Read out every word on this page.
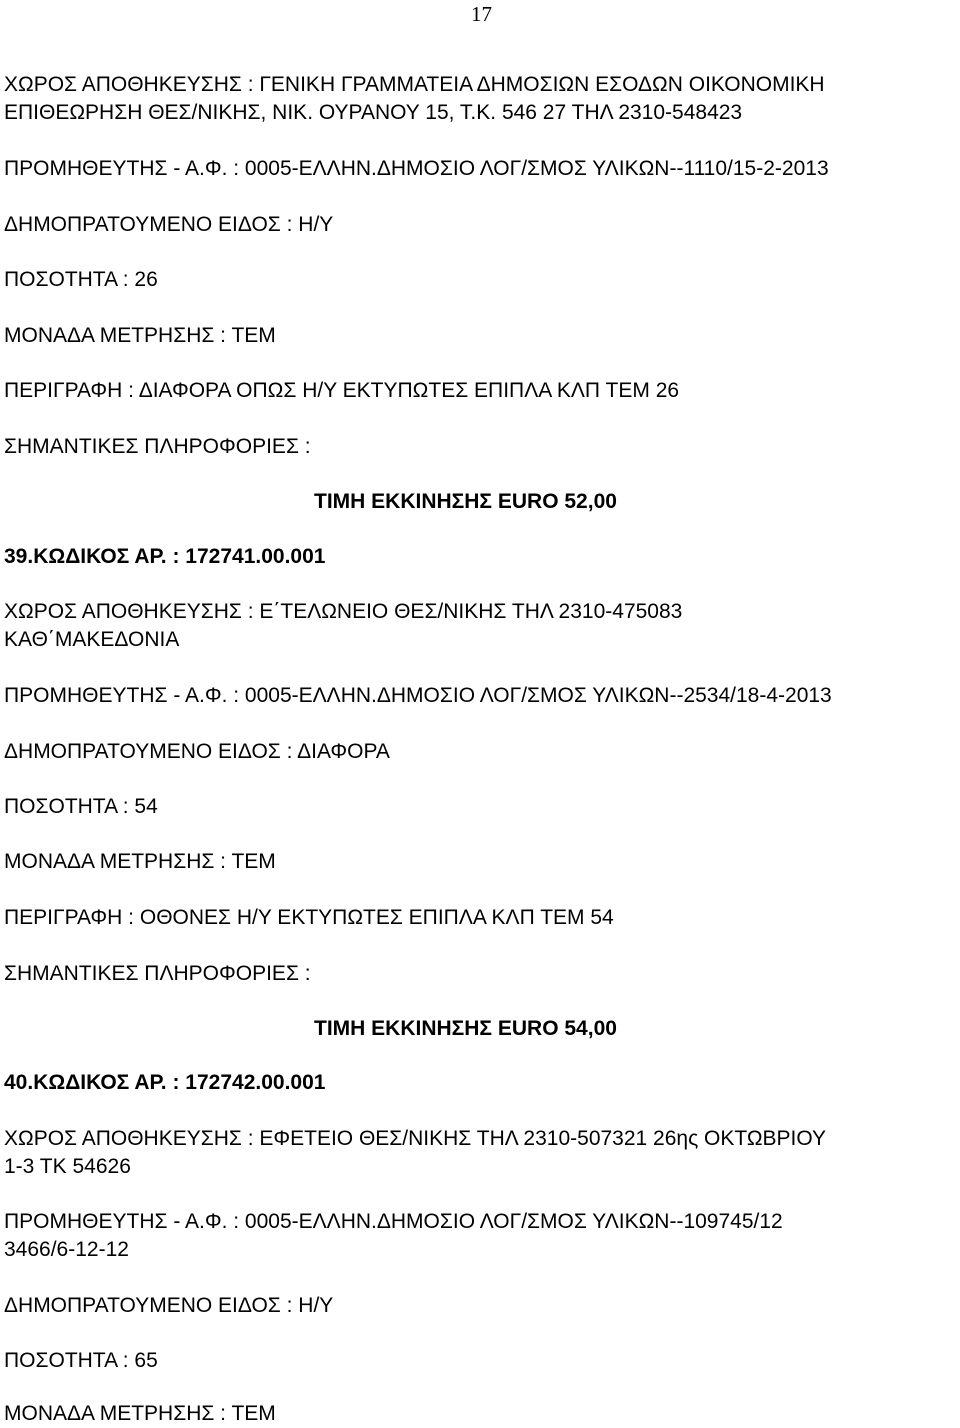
17
ΧΩΡΟΣ ΑΠΟΘΗΚΕΥΣΗΣ : ΓΕΝΙΚΗ ΓΡΑΜΜΑΤΕΙΑ ΔΗΜΟΣΙΩΝ ΕΣΟΔΩΝ ΟΙΚΟΝΟΜΙΚΗ
ΕΠΙΘΕΩΡΗΣΗ ΘΕΣ/ΝΙΚΗΣ, ΝΙΚ. ΟΥΡΑΝΟΥ 15, Τ.Κ. 546 27 ΤΗΛ 2310-548423
ΠΡΟΜΗΘΕΥΤΗΣ - Α.Φ. : 0005-ΕΛΛΗΝ.ΔΗΜΟΣΙΟ ΛΟΓ/ΣΜΟΣ ΥΛΙΚΩΝ--1110/15-2-2013
ΔΗΜΟΠΡΑΤΟΥΜΕΝΟ ΕΙΔΟΣ : Η/Υ
ΠΟΣΟΤΗΤΑ : 26
ΜΟΝΑΔΑ ΜΕΤΡΗΣΗΣ : ΤΕΜ
ΠΕΡΙΓΡΑΦΗ : ΔΙΑΦΟΡΑ ΟΠΩΣ Η/Υ ΕΚΤΥΠΩΤΕΣ ΕΠΙΠΛΑ ΚΛΠ ΤΕΜ 26
ΣΗΜΑΝΤΙΚΕΣ ΠΛΗΡΟΦΟΡΙΕΣ :
ΤΙΜΗ ΕΚΚΙΝΗΣΗΣ EURO 52,00
39.ΚΩΔΙΚΟΣ ΑΡ. : 172741.00.001
ΧΩΡΟΣ ΑΠΟΘΗΚΕΥΣΗΣ : Ε΄ΤΕΛΩΝΕΙΟ ΘΕΣ/ΝΙΚΗΣ ΤΗΛ 2310-475083
ΚΑΘ΄ΜΑΚΕΔΟΝΙΑ
ΠΡΟΜΗΘΕΥΤΗΣ - Α.Φ. : 0005-ΕΛΛΗΝ.ΔΗΜΟΣΙΟ ΛΟΓ/ΣΜΟΣ ΥΛΙΚΩΝ--2534/18-4-2013
ΔΗΜΟΠΡΑΤΟΥΜΕΝΟ ΕΙΔΟΣ : ΔΙΑΦΟΡΑ
ΠΟΣΟΤΗΤΑ : 54
ΜΟΝΑΔΑ ΜΕΤΡΗΣΗΣ : ΤΕΜ
ΠΕΡΙΓΡΑΦΗ : ΟΘΟΝΕΣ Η/Υ ΕΚΤΥΠΩΤΕΣ ΕΠΙΠΛΑ ΚΛΠ ΤΕΜ 54
ΣΗΜΑΝΤΙΚΕΣ ΠΛΗΡΟΦΟΡΙΕΣ :
ΤΙΜΗ ΕΚΚΙΝΗΣΗΣ EURO 54,00
40.ΚΩΔΙΚΟΣ ΑΡ. : 172742.00.001
ΧΩΡΟΣ ΑΠΟΘΗΚΕΥΣΗΣ : ΕΦΕΤΕΙΟ ΘΕΣ/ΝΙΚΗΣ ΤΗΛ 2310-507321 26ης ΟΚΤΩΒΡΙΟΥ
1-3 ΤΚ 54626
ΠΡΟΜΗΘΕΥΤΗΣ - Α.Φ. : 0005-ΕΛΛΗΝ.ΔΗΜΟΣΙΟ ΛΟΓ/ΣΜΟΣ ΥΛΙΚΩΝ--109745/12
3466/6-12-12
ΔΗΜΟΠΡΑΤΟΥΜΕΝΟ ΕΙΔΟΣ : Η/Υ
ΠΟΣΟΤΗΤΑ : 65
ΜΟΝΑΔΑ ΜΕΤΡΗΣΗΣ : ΤΕΜ
